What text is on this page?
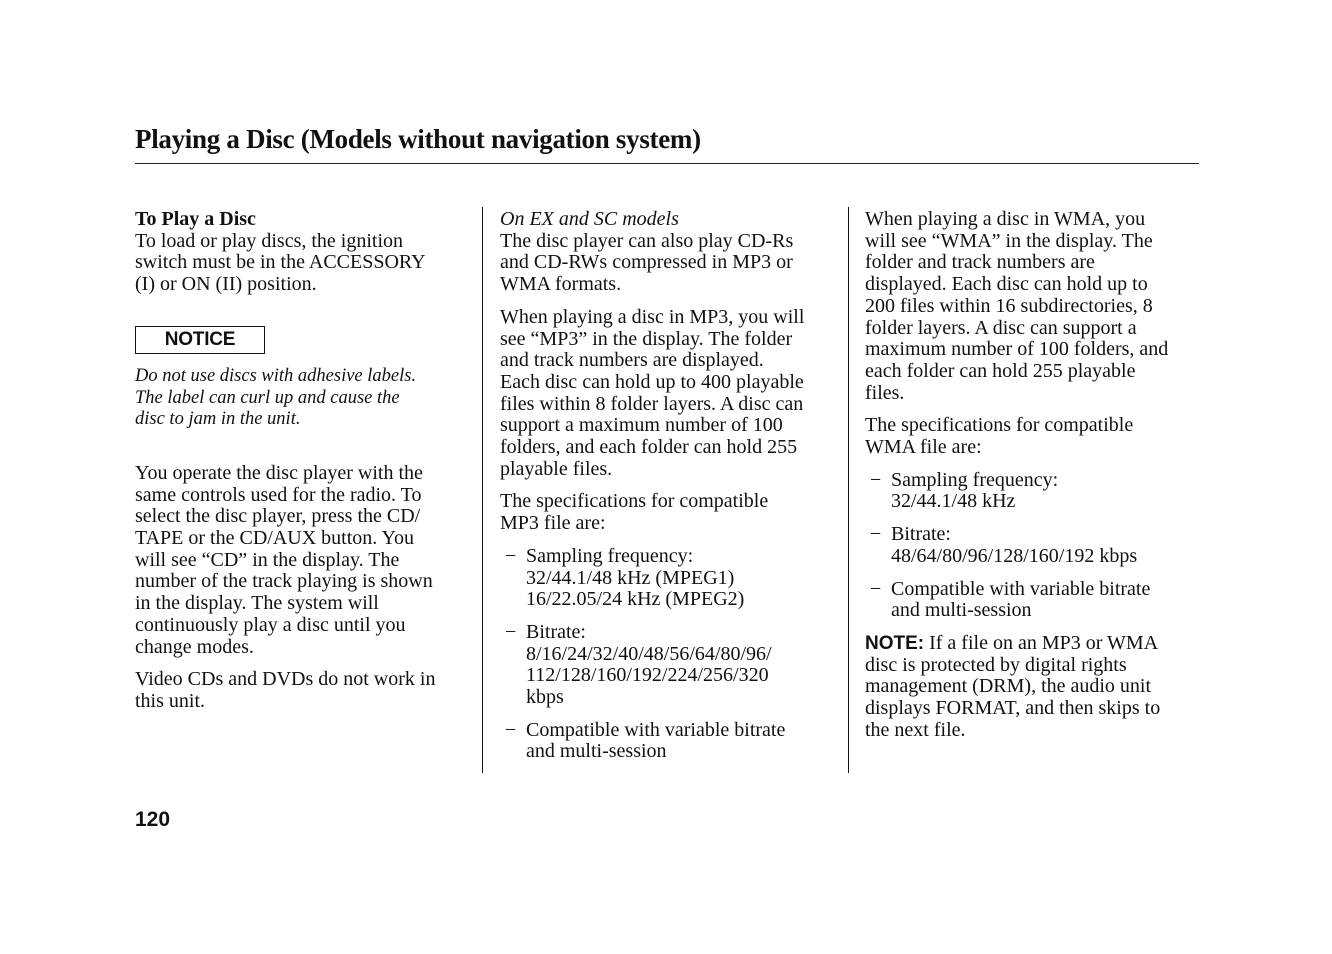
Playing a Disc (Models without navigation system)
To Play a Disc

To load or play discs, the ignition
switch must be in the ACCESSORY
(I) or ON (II) position.

NOTICE

Do not use discs with adhesive labels.
The label can curl up and cause the
disc to jam in the unit.

You operate the disc player with the
same controls used for the radio. To
select the disc player, press the CD/
TAPE or the CD/AUX button. You
will see “CD” in the display. The
number of the track playing is shown
in the display. The system will
continuously play a disc until you
change modes.

Video CDs and DVDs do not work in
this unit.

On EX and SC models

The disc player can also play CD-Rs
and CD-RWs compressed in MP3 or
WMA formats.

When playing a disc in MP3, you will
see “MP3” in the display. The folder
and track numbers are displayed.
Each disc can hold up to 400 playable
files within 8 folder layers. A disc can
support a maximum number of 100
folders, and each folder can hold 255
playable files.

The specifications for compatible
MP3 file are:

− Sampling frequency:
32/44.1/48 kHz (MPEG1)
16/22.05/24 kHz (MPEG2)
− Bitrate:
8/16/24/32/40/48/56/64/80/96/
112/128/160/192/224/256/320
kbps
− Compatible with variable bitrate
and multi-session

When playing a disc in WMA, you
will see “WMA” in the display. The
folder and track numbers are
displayed. Each disc can hold up to
200 files within 16 subdirectories, 8
folder layers. A disc can support a
maximum number of 100 folders, and
each folder can hold 255 playable
files.

The specifications for compatible
WMA file are:

− Sampling frequency:
32/44.1/48 kHz
− Bitrate:
48/64/80/96/128/160/192 kbps
− Compatible with variable bitrate
and multi-session

NOTE: If a file on an MP3 or WMA
disc is protected by digital rights
management (DRM), the audio unit
displays FORMAT, and then skips to
the next file.

120
